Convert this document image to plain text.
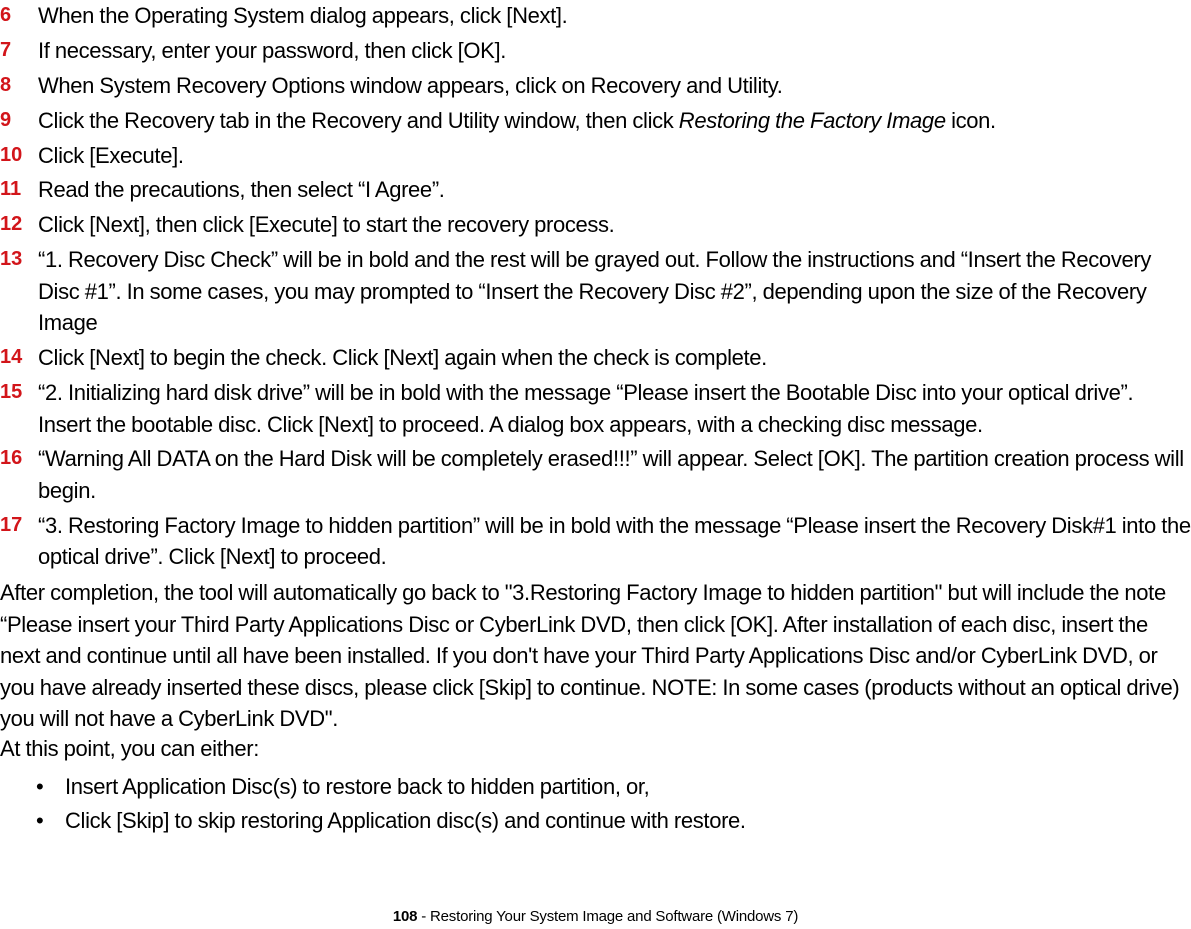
6 When the Operating System dialog appears, click [Next].
7 If necessary, enter your password, then click [OK].
8 When System Recovery Options window appears, click on Recovery and Utility.
9 Click the Recovery tab in the Recovery and Utility window, then click Restoring the Factory Image icon.
10 Click [Execute].
11 Read the precautions, then select “I Agree”.
12 Click [Next], then click [Execute] to start the recovery process.
13 “1. Recovery Disc Check” will be in bold and the rest will be grayed out. Follow the instructions and “Insert the Recovery Disc #1”. In some cases, you may prompted to “Insert the Recovery Disc #2”, depending upon the size of the Recovery Image
14 Click [Next] to begin the check. Click [Next] again when the check is complete.
15 “2. Initializing hard disk drive” will be in bold with the message “Please insert the Bootable Disc into your optical drive”. Insert the bootable disc. Click [Next] to proceed. A dialog box appears, with a checking disc message.
16 “Warning All DATA on the Hard Disk will be completely erased!!!” will appear. Select [OK]. The partition creation process will begin.
17 “3. Restoring Factory Image to hidden partition” will be in bold with the message “Please insert the Recovery Disk#1 into the optical drive”. Click [Next] to proceed.

After completion, the tool will automatically go back to "3.Restoring Factory Image to hidden partition" but will include the note “Please insert your Third Party Applications Disc or CyberLink DVD, then click [OK]. After installation of each disc, insert the next and continue until all have been installed. If you don't have your Third Party Applications Disc and/or CyberLink DVD, or you have already inserted these discs, please click [Skip] to continue. NOTE: In some cases (products without an optical drive) you will not have a CyberLink DVD".

At this point, you can either:

• Insert Application Disc(s) to restore back to hidden partition, or,
• Click [Skip] to skip restoring Application disc(s) and continue with restore.
108 - Restoring Your System Image and Software (Windows 7)
